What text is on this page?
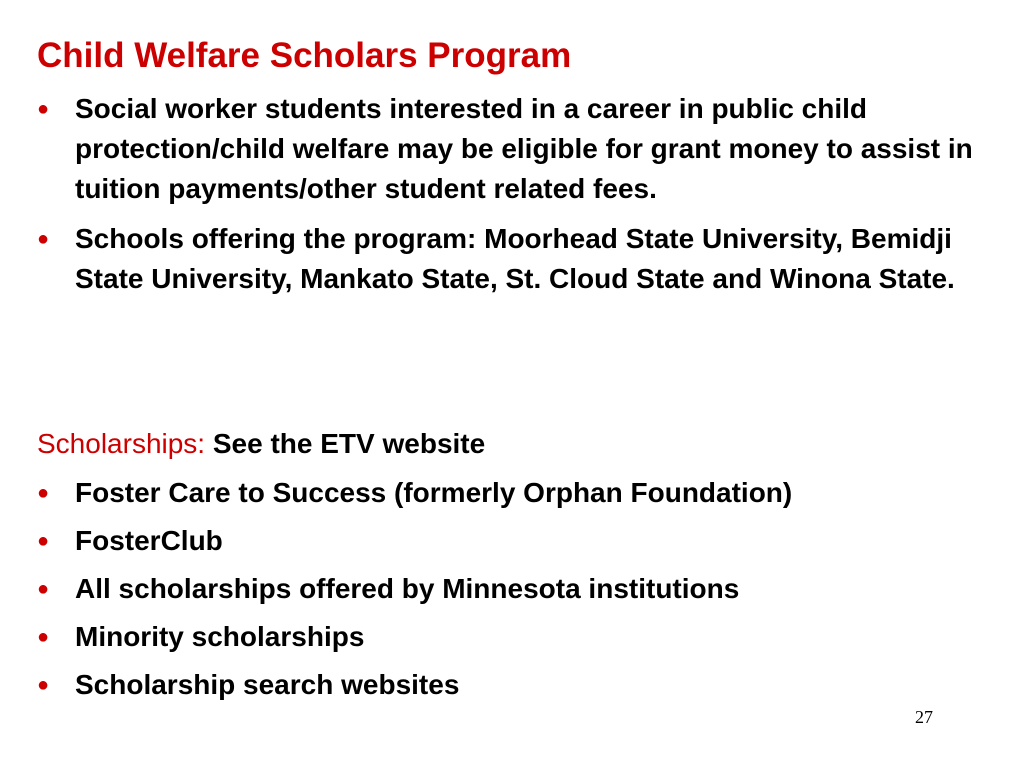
Child Welfare Scholars Program
● Social worker students interested in a career in public child protection/child welfare may be eligible for grant money to assist in tuition payments/other student related fees.
● Schools offering the program: Moorhead State University, Bemidji State University, Mankato State, St. Cloud State and Winona State.
Scholarships: See the ETV website
● Foster Care to Success (formerly Orphan Foundation)
● FosterClub
● All scholarships offered by Minnesota institutions
● Minority scholarships
● Scholarship search websites
27
